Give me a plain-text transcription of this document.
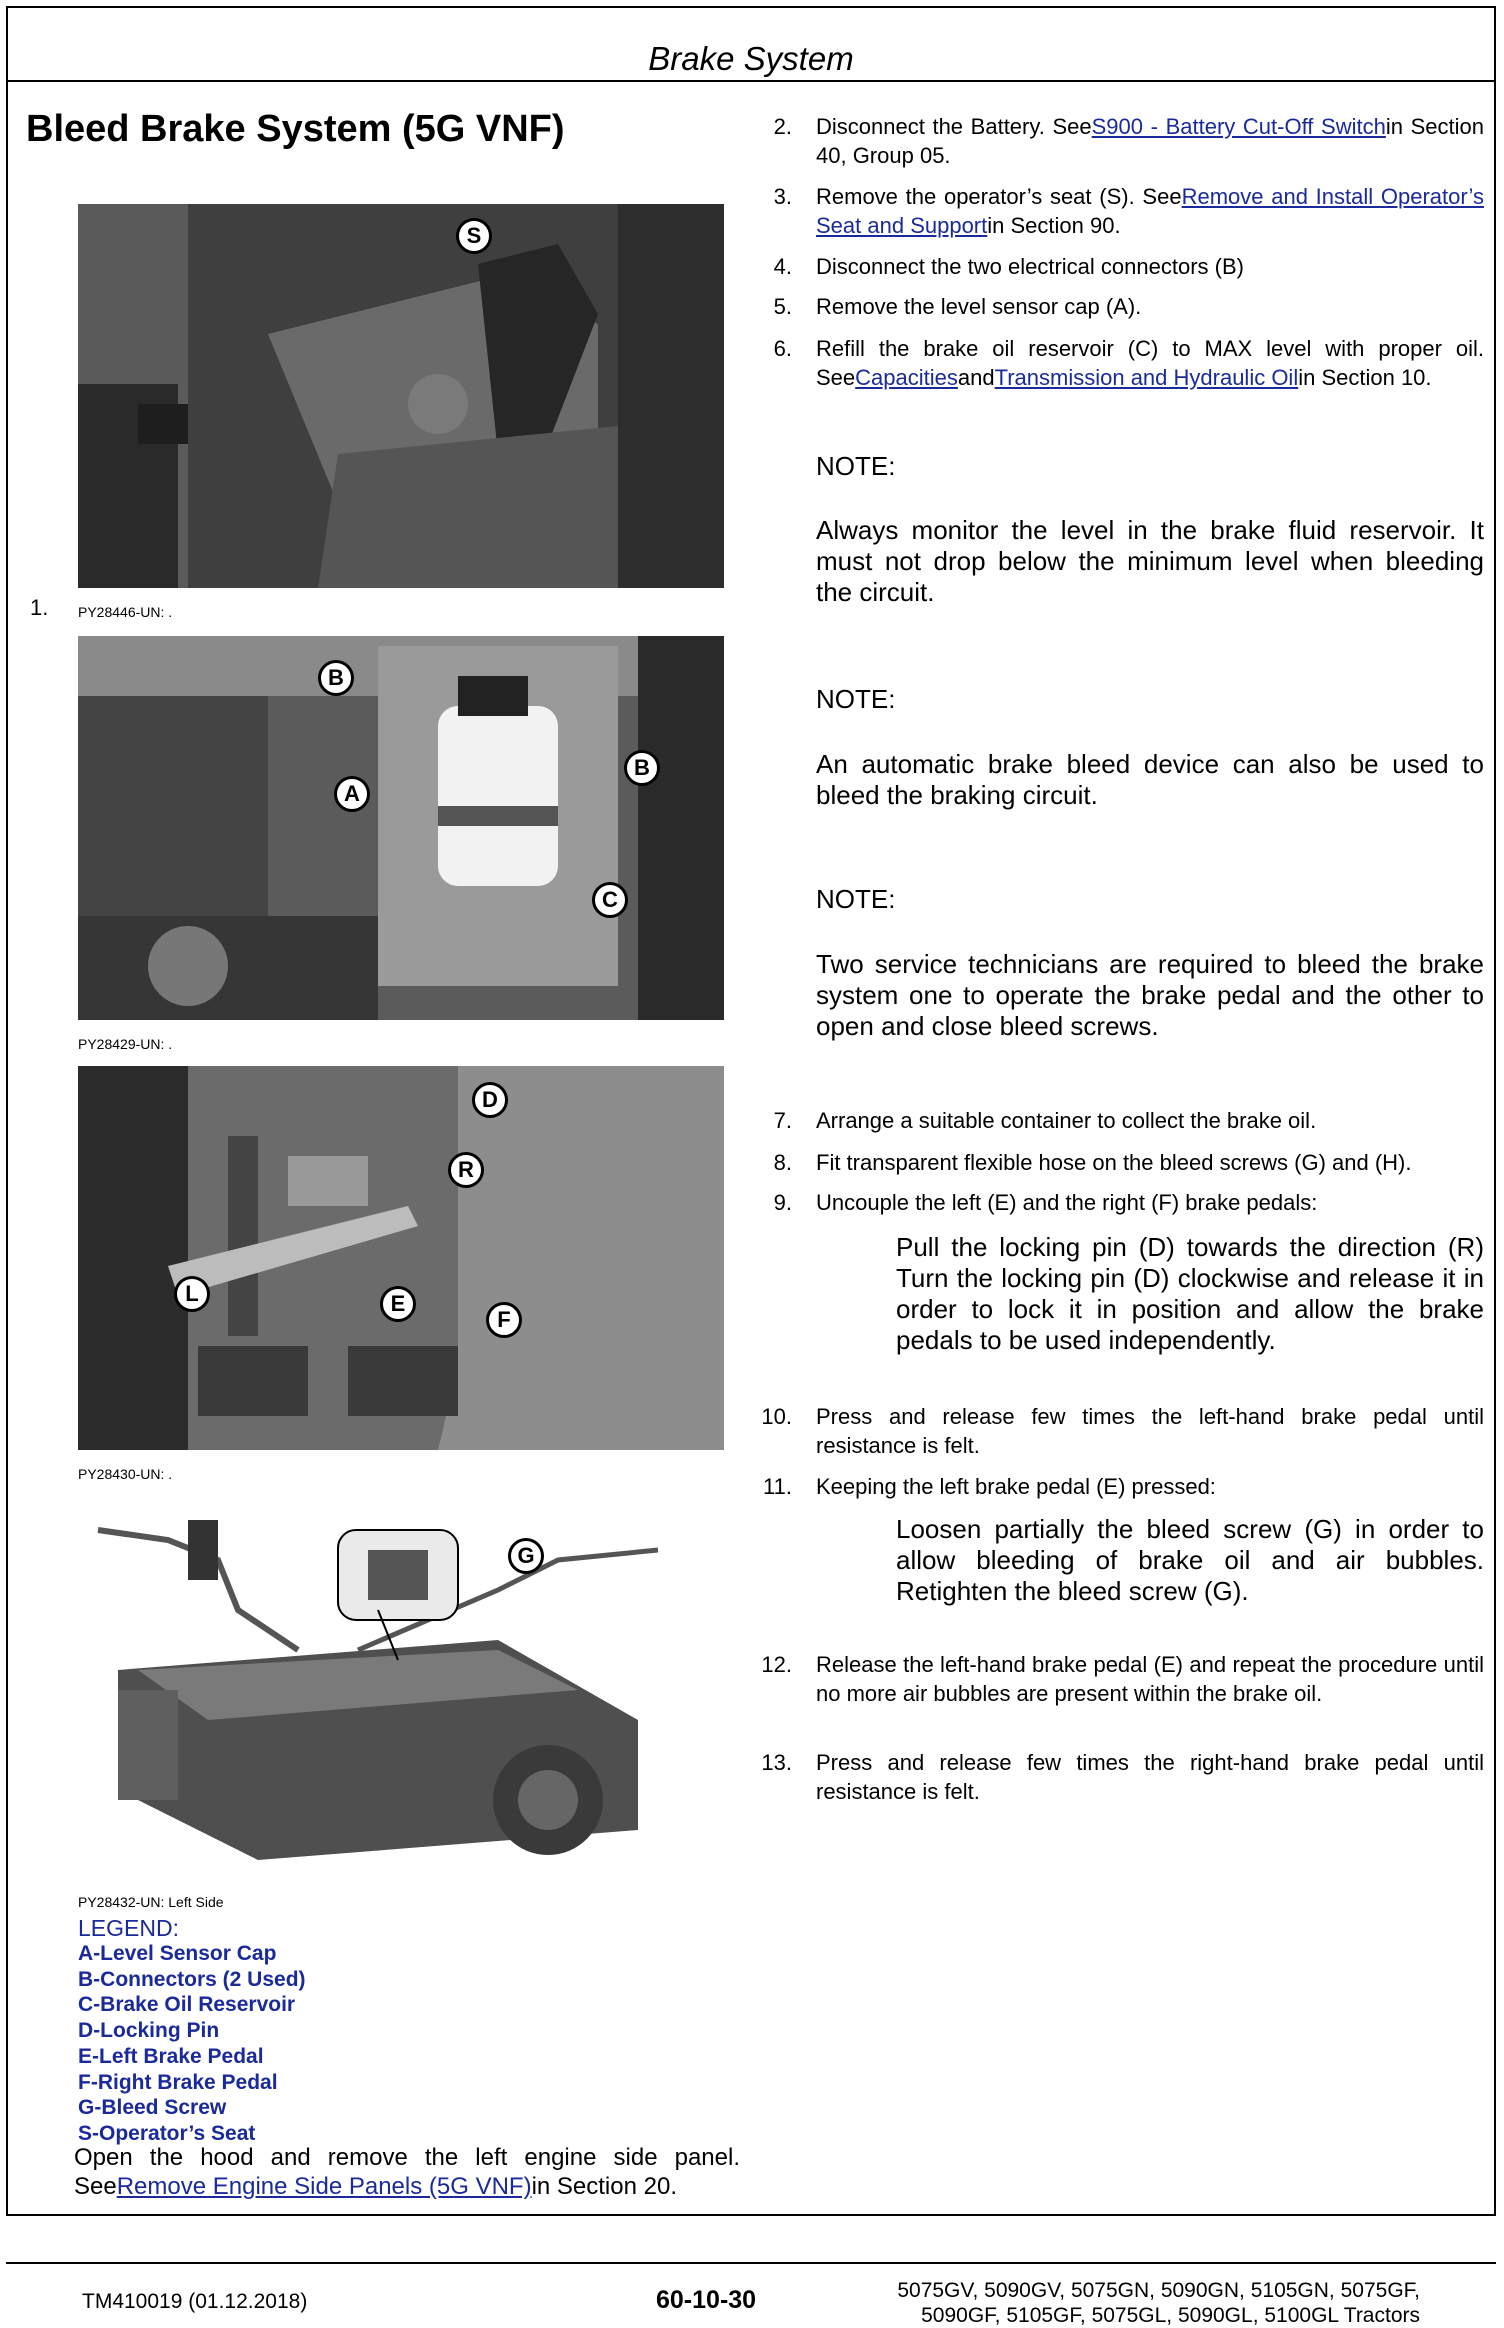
Brake System
Bleed Brake System (5G VNF)
S
1. PY28446-UN: .
B
B
A
C
PY28429-UN: .
D
R
L	E
F
PY28430-UN: .
G
PY28432-UN: Left Side
LEGEND:
A-Level Sensor Cap
B-Connectors (2 Used)
C-Brake Oil Reservoir
D-Locking Pin
E-Left Brake Pedal
F-Right Brake Pedal
G-Bleed Screw
S-Operator’s Seat
Open the hood and remove the left engine side panel. SeeRemove Engine Side Panels (5G VNF)in Section 20.
2. Disconnect the Battery. SeeS900 - Battery Cut-Off Switchin Section 40, Group 05.
3. Remove the operator’s seat (S). SeeRemove and Install Operator’s Seat and Supportin Section 90.
4. Disconnect the two electrical connectors (B)
5. Remove the level sensor cap (A).
6. Refill the brake oil reservoir (C) to MAX level with proper oil. SeeCapacitiesandTransmission and Hydraulic Oilin Section 10.
NOTE:
Always monitor the level in the brake fluid reservoir. It must not drop below the minimum level when bleeding the circuit.
NOTE:
An automatic brake bleed device can also be used to bleed the braking circuit.
NOTE:
Two service technicians are required to bleed the brake system one to operate the brake pedal and the other to open and close bleed screws.
7. Arrange a suitable container to collect the brake oil.
8. Fit transparent flexible hose on the bleed screws (G) and (H).
9. Uncouple the left (E) and the right (F) brake pedals:
Pull the locking pin (D) towards the direction (R) Turn the locking pin (D) clockwise and release it in order to lock it in position and allow the brake pedals to be used independently.
10. Press and release few times the left-hand brake pedal until resistance is felt.
11. Keeping the left brake pedal (E) pressed:
Loosen partially the bleed screw (G) in order to allow bleeding of brake oil and air bubbles. Retighten the bleed screw (G).
12. Release the left-hand brake pedal (E) and repeat the procedure until no more air bubbles are present within the brake oil.
13. Press and release few times the right-hand brake pedal until resistance is felt.
TM410019 (01.12.2018)	60-10-30	5075GV, 5090GV, 5075GN, 5090GN, 5105GN, 5075GF, 5090GF, 5105GF, 5075GL, 5090GL, 5100GL Tractors
